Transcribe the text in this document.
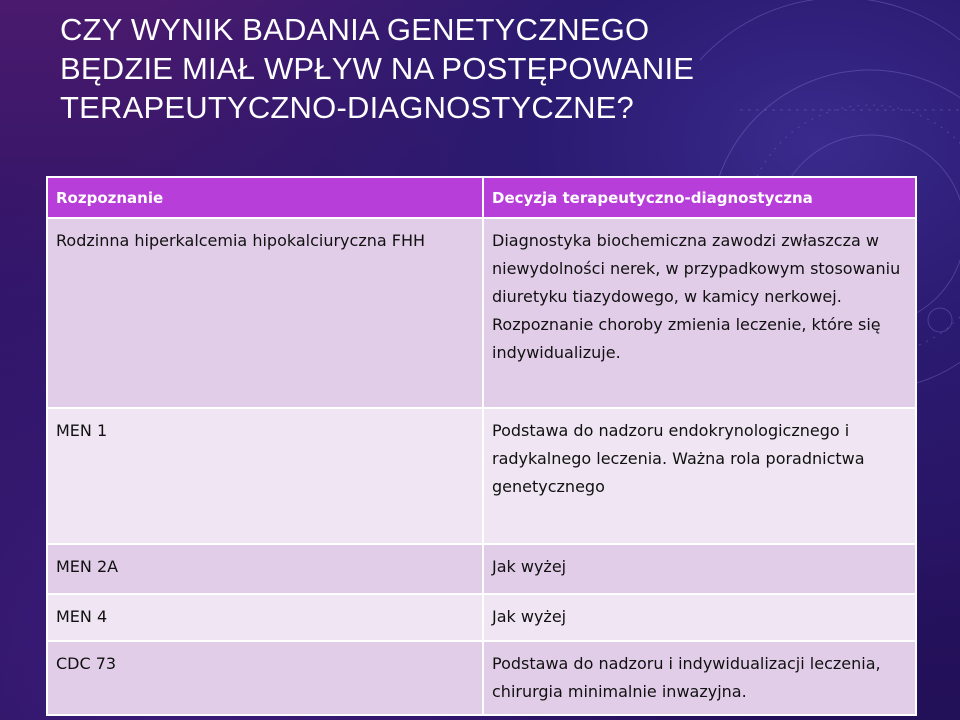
CZY WYNIK BADANIA GENETYCZNEGO
BĘDZIE MIAŁ WPŁYW NA POSTĘPOWANIE
TERAPEUTYCZNO-DIAGNOSTYCZNE?
Rozpoznanie	Decyzja terapeutyczno-diagnostyczna
Rodzinna hiperkalcemia hipokalciuryczna FHH	Diagnostyka biochemiczna zawodzi zwłaszcza w niewydolności nerek, w przypadkowym stosowaniu diuretyku tiazydowego, w kamicy nerkowej. Rozpoznanie choroby zmienia leczenie, które się indywidualizuje.
MEN 1	Podstawa do nadzoru endokrynologicznego i radykalnego leczenia. Ważna rola poradnictwa genetycznego
MEN 2A	Jak wyżej
MEN 4	Jak wyżej
CDC 73	Podstawa do nadzoru i indywidualizacji leczenia, chirurgia minimalnie inwazyjna.
